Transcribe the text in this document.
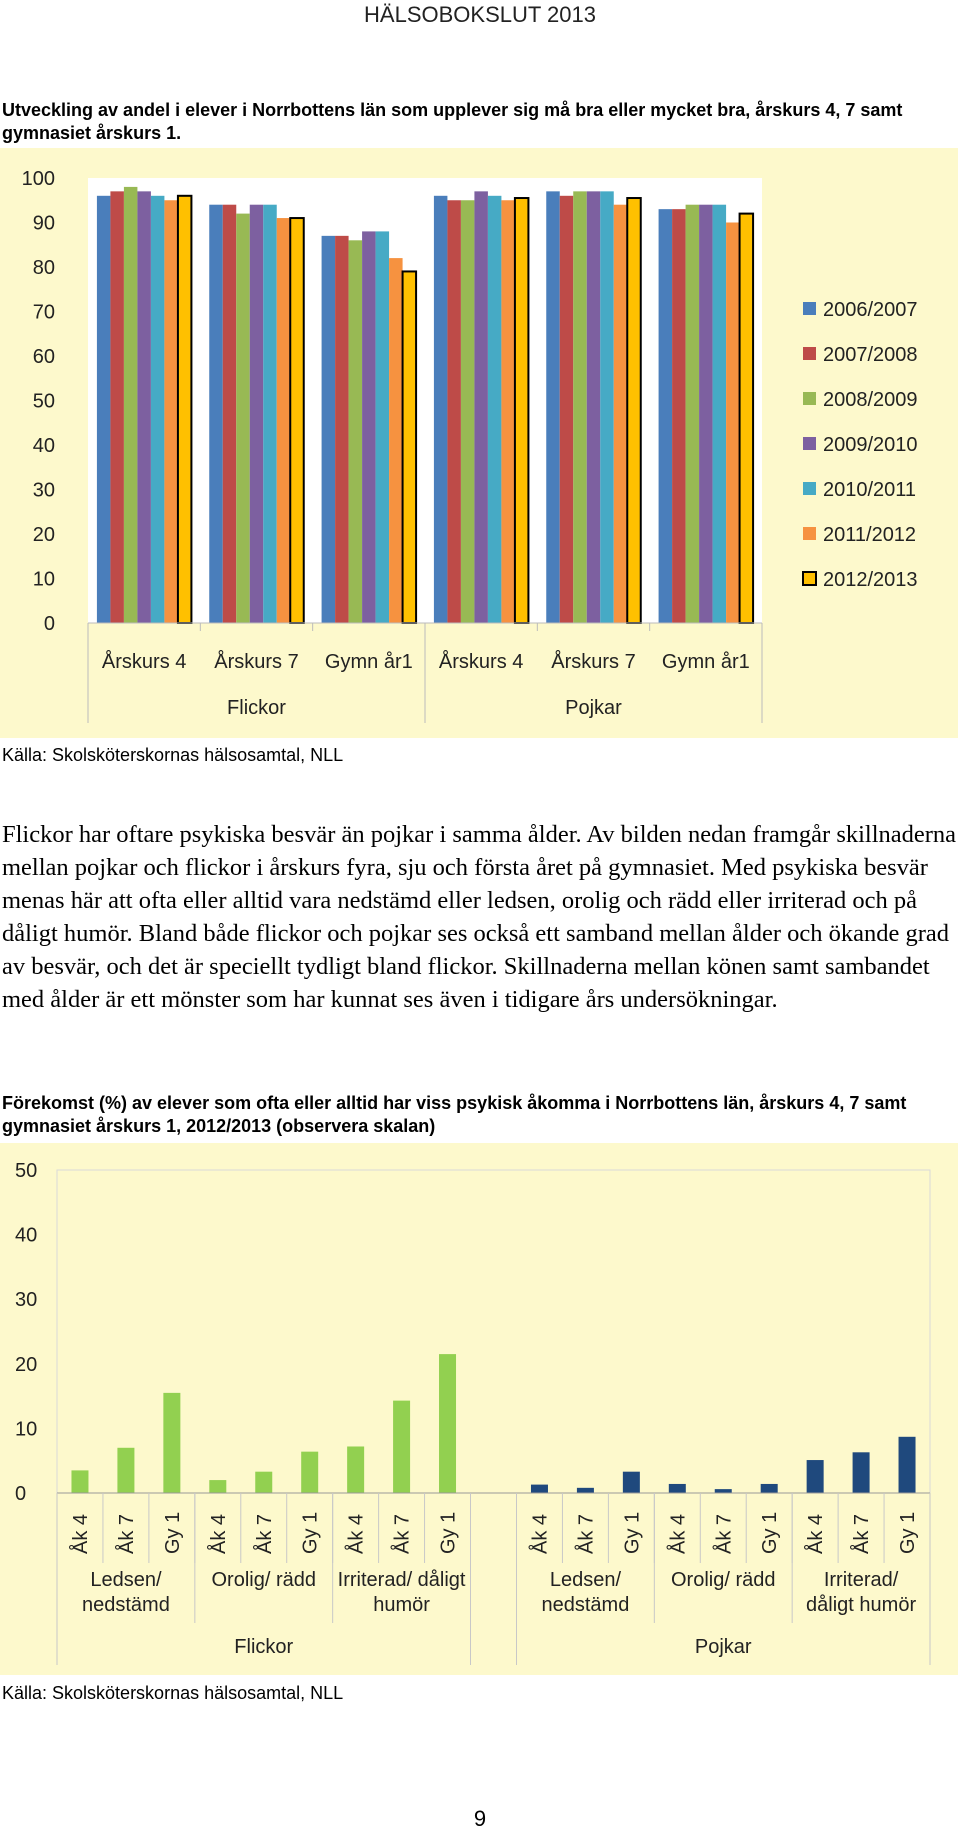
HÄLSOBOKSLUT 2013
Utveckling av andel i elever i Norrbottens län som upplever sig må bra eller mycket bra, årskurs 4, 7 samt gymnasiet årskurs 1.
0
10
20
30
40
50
60
70
80
90
100
Årskurs 4 Årskurs 7 Gymn år1 Årskurs 4 Årskurs 7 Gymn år1
Flickor	Pojkar
2006/2007
2007/2008
2008/2009
2009/2010
2010/2011
2011/2012
2012/2013
Källa: Skolsköterskornas hälsosamtal, NLL

Flickor har oftare psykiska besvär än pojkar i samma ålder. Av bilden nedan framgår skillnaderna mellan pojkar och flickor i årskurs fyra, sju och första året på gymnasiet. Med psykiska besvär menas här att ofta eller alltid vara nedstämd eller ledsen, orolig och rädd eller irriterad och på dåligt humör. Bland både flickor och pojkar ses också ett samband mellan ålder och ökande grad av besvär, och det är speciellt tydligt bland flickor. Skillnaderna mellan könen samt sambandet med ålder är ett mönster som har kunnat ses även i tidigare års undersökningar.

Förekomst (%) av elever som ofta eller alltid har viss psykisk åkomma i Norrbottens län, årskurs 4, 7 samt gymnasiet årskurs 1, 2012/2013 (observera skalan)
0
10
20
30
40
50
Åk 4 Åk 7 Gy 1 Åk 4 Åk 7 Gy 1 Åk 4 Åk 7 Gy 1	Åk 4 Åk 7 Gy 1 Åk 4 Åk 7 Gy 1 Åk 4 Åk 7 Gy 1
Ledsen/
nedstämd
Orolig/ rädd Irriterad/ dåligt
humör
Flickor
Ledsen/
nedstämd
Orolig/ rädd Irriterad/
dåligt humör
Pojkar
Källa: Skolsköterskornas hälsosamtal, NLL
9
